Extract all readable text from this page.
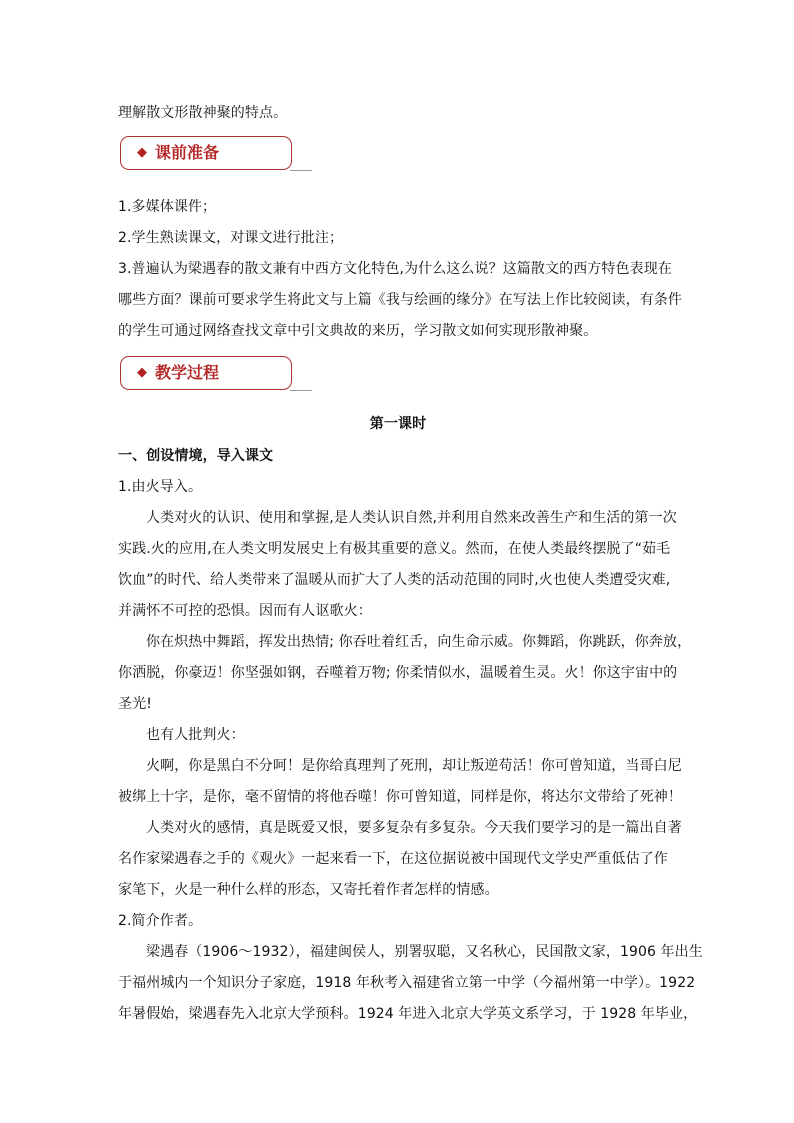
理解散文形散神聚的特点。
◆ 课前准备
1.多媒体课件；
2.学生熟读课文，对课文进行批注；
3.普遍认为梁遇春的散文兼有中西方文化特色,为什么这么说？这篇散文的西方特色表现在
哪些方面？课前可要求学生将此文与上篇《我与绘画的缘分》在写法上作比较阅读，有条件
的学生可通过网络查找文章中引文典故的来历，学习散文如何实现形散神聚。
◆ 教学过程
第一课时
一、创设情境，导入课文
1.由火导入。
人类对火的认识、使用和掌握,是人类认识自然,并利用自然来改善生产和生活的第一次
实践.火的应用,在人类文明发展史上有极其重要的意义。然而，在使人类最终摆脱了“茹毛
饮血”的时代、给人类带来了温暖从而扩大了人类的活动范围的同时,火也使人类遭受灾难,
并满怀不可控的恐惧。因而有人讴歌火：
你在炽热中舞蹈，挥发出热情; 你吞吐着红舌，向生命示威。你舞蹈，你跳跃，你奔放，
你洒脱，你豪迈！你坚强如钢，吞噬着万物; 你柔情似水，温暖着生灵。火！你这宇宙中的
圣光!
也有人批判火：
火啊，你是黑白不分呵！是你给真理判了死刑，却让叛逆苟活！你可曾知道，当哥白尼
被绑上十字，是你，毫不留情的将他吞噬！你可曾知道，同样是你，将达尔文带给了死神！
人类对火的感情，真是既爱又恨，要多复杂有多复杂。今天我们要学习的是一篇出自著
名作家梁遇春之手的《观火》一起来看一下，在这位据说被中国现代文学史严重低估了作
家笔下，火是一种什么样的形态，又寄托着作者怎样的情感。
2.简介作者。
梁遇春（1906～1932），福建闽侯人，别署驭聪，又名秋心，民国散文家，1906 年出生
于福州城内一个知识分子家庭，1918 年秋考入福建省立第一中学（今福州第一中学）。1922
年暑假始，梁遇春先入北京大学预科。1924 年进入北京大学英文系学习，于 1928 年毕业，
